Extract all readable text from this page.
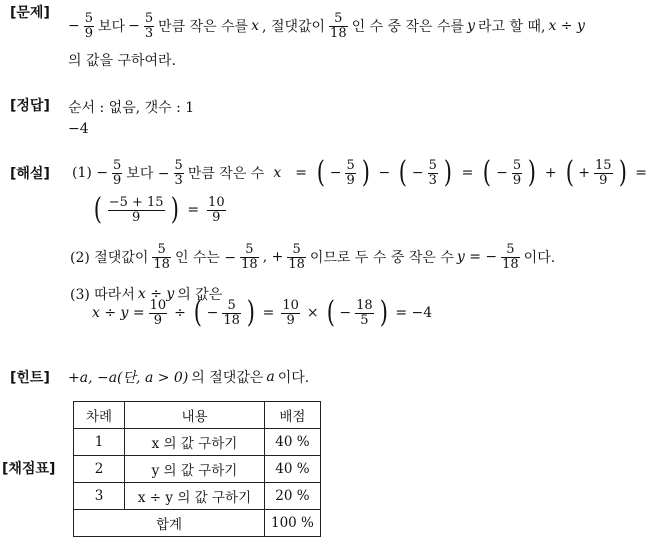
[문제]
− $\frac{5}{9}$ 보다 − $\frac{5}{3}$ 만큼 작은 수를 x , 절댓값이 $\frac{5}{18}$ 인 수 중 작은 수를 y 라고 할 때, x ÷ y
의 값을 구하여라.
[정답] 순서 : 없음, 갯수 : 1
−4
[해설] $(1) - \frac{5}{9}$ 보다 − $\frac{5}{3}$ 만큼 작은 수 x = ( − $\frac{5}{9}$ ) − ( − $\frac{5}{3}$ ) = ( − $\frac{5}{9}$ ) + ( + $\frac{15}{9}$ ) =
( $\frac{-5 + 15}{9}$ ) = $\frac{10}{9}$
(2) 절댓값이 $\frac{5}{18}$ 인 수는 − $\frac{5}{18}$ , + $\frac{5}{18}$ 이므로 두 수 중 작은 수 y = − $\frac{5}{18}$ 이다.
(3) 따라서 x ÷ y 의 값은
$x \div y = \frac{10}{9}$ ÷ ( − $\frac{5}{18}$ ) = $\frac{10}{9}$ × ( − $\frac{18}{5}$ ) = −4
[힌트] +a, −a(단, a > 0) 의 절댓값은 a 이다.
[채점표]
차례	내용	배점
1	x 의 값 구하기	40 %
2	y 의 값 구하기	40 %
3	x ÷ y 의 값 구하기	20 %
합계		100 %
